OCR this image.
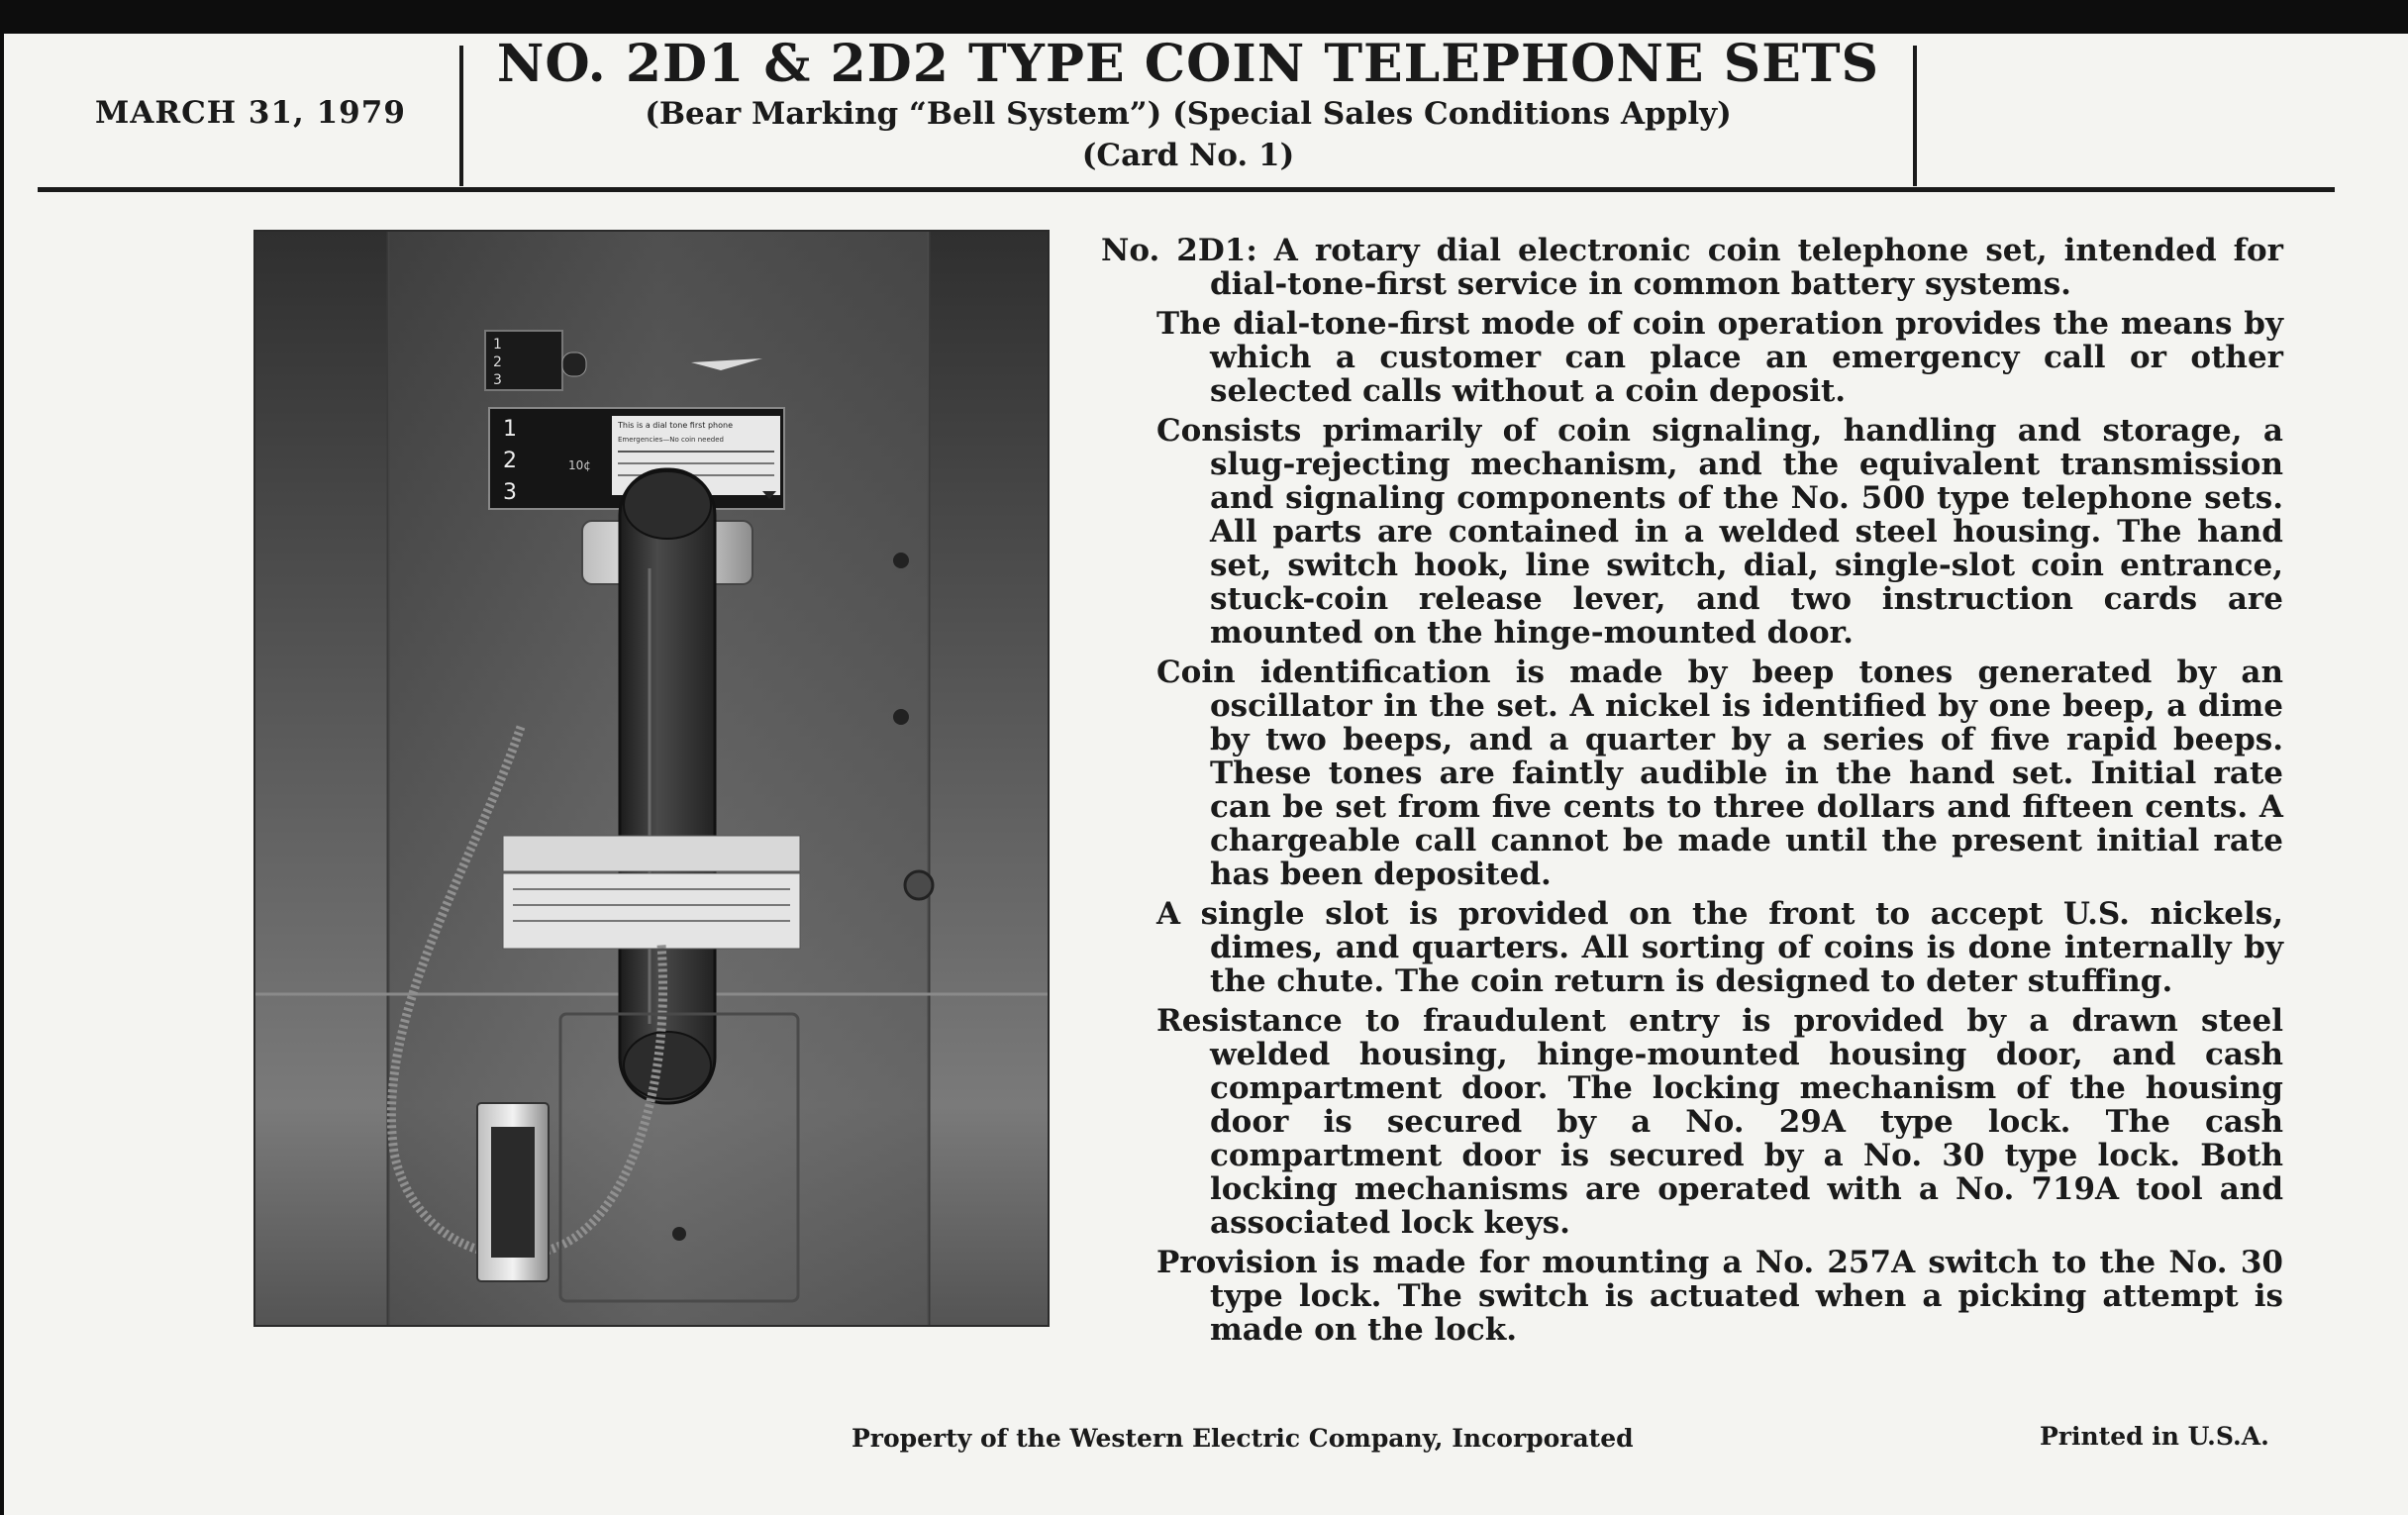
MARCH 31, 1979
NO. 2D1 & 2D2 TYPE COIN TELEPHONE SETS
(Bear Marking “Bell System”) (Special Sales Conditions Apply)
(Card No. 1)
1
2
3
1
2
3
10¢
This is a dial tone first phone
Emergencies—No coin needed

No. 2D1: A rotary dial electronic coin telephone set, intended for dial-tone-first service in common battery systems.

The dial-tone-first mode of coin operation provides the means by which a customer can place an emergency call or other selected calls without a coin deposit.

Consists primarily of coin signaling, handling and storage, a slug-rejecting mechanism, and the equivalent transmission and signaling components of the No. 500 type telephone sets. All parts are contained in a welded steel housing. The hand set, switch hook, line switch, dial, single-slot coin entrance, stuck-coin release lever, and two instruction cards are mounted on the hinge-mounted door.

Coin identification is made by beep tones generated by an oscillator in the set. A nickel is identified by one beep, a dime by two beeps, and a quarter by a series of five rapid beeps. These tones are faintly audible in the hand set. Initial rate can be set from five cents to three dollars and fifteen cents. A chargeable call cannot be made until the present initial rate has been deposited.

A single slot is provided on the front to accept U.S. nickels, dimes, and quarters. All sorting of coins is done internally by the chute. The coin return is designed to deter stuffing.

Resistance to fraudulent entry is provided by a drawn steel welded housing, hinge-mounted housing door, and cash compartment door. The locking mechanism of the housing door is secured by a No. 29A type lock. The cash compartment door is secured by a No. 30 type lock. Both locking mechanisms are operated with a No. 719A tool and associated lock keys.

Provision is made for mounting a No. 257A switch to the No. 30 type lock. The switch is actuated when a picking attempt is made on the lock.

Property of the Western Electric Company, Incorporated	Printed in U.S.A.
